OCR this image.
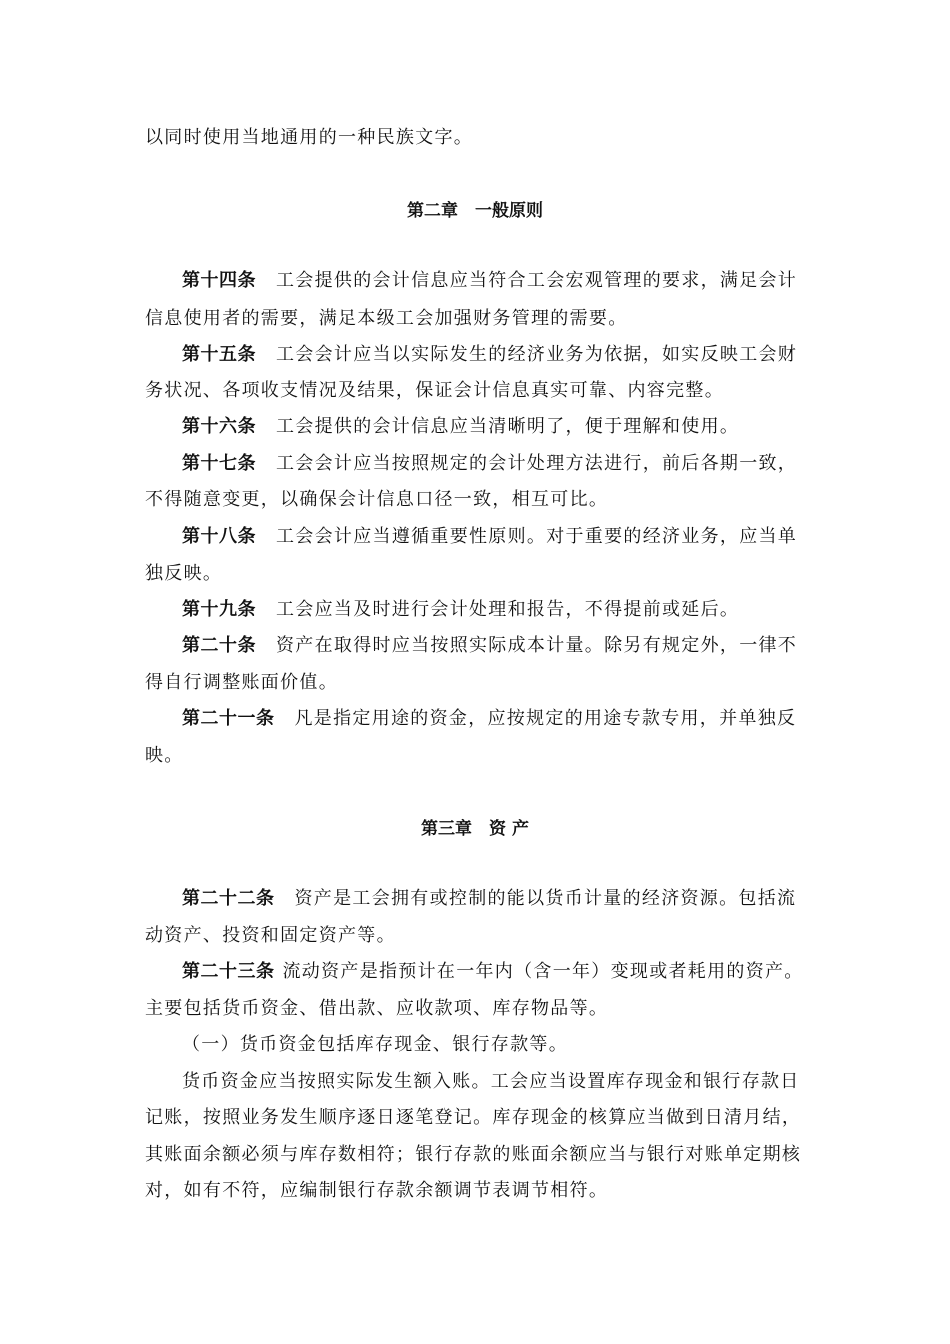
以同时使用当地通用的一种民族文字。
第二章　一般原则
第十四条 工会提供的会计信息应当符合工会宏观管理的要求，满足会计
信息使用者的需要，满足本级工会加强财务管理的需要。
第十五条 工会会计应当以实际发生的经济业务为依据，如实反映工会财
务状况、各项收支情况及结果，保证会计信息真实可靠、内容完整。
第十六条 工会提供的会计信息应当清晰明了，便于理解和使用。
第十七条 工会会计应当按照规定的会计处理方法进行，前后各期一致，
不得随意变更，以确保会计信息口径一致，相互可比。
第十八条 工会会计应当遵循重要性原则。对于重要的经济业务，应当单
独反映。
第十九条 工会应当及时进行会计处理和报告，不得提前或延后。
第二十条 资产在取得时应当按照实际成本计量。除另有规定外，一律不
得自行调整账面价值。
第二十一条 凡是指定用途的资金，应按规定的用途专款专用，并单独反
映。
第三章　资 产
第二十二条 资产是工会拥有或控制的能以货币计量的经济资源。包括流
动资产、投资和固定资产等。
第二十三条 流动资产是指预计在一年内（含一年）变现或者耗用的资产。
主要包括货币资金、借出款、应收款项、库存物品等。
（一）货币资金包括库存现金、银行存款等。
货币资金应当按照实际发生额入账。工会应当设置库存现金和银行存款日
记账，按照业务发生顺序逐日逐笔登记。库存现金的核算应当做到日清月结，
其账面余额必须与库存数相符；银行存款的账面余额应当与银行对账单定期核
对，如有不符，应编制银行存款余额调节表调节相符。
